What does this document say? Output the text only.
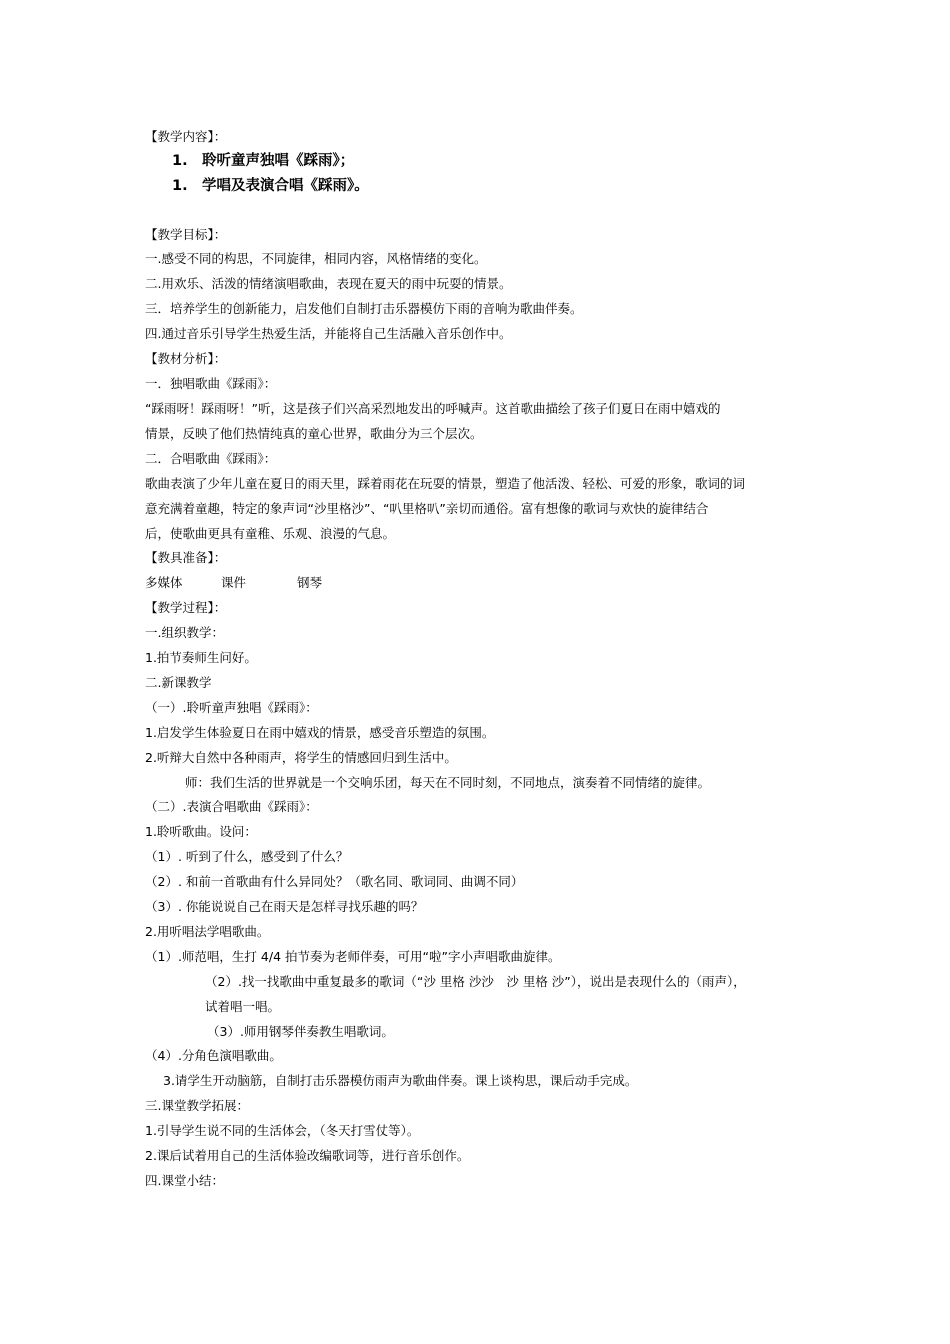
【教学内容】：
1. 聆听童声独唱《踩雨》；
1. 学唱及表演合唱《踩雨》。
【教学目标】：
一.感受不同的构思，不同旋律，相同内容，风格情绪的变化。
二.用欢乐、活泼的情绪演唱歌曲，表现在夏天的雨中玩耍的情景。
三．培养学生的创新能力，启发他们自制打击乐器模仿下雨的音响为歌曲伴奏。
四.通过音乐引导学生热爱生活，并能将自己生活融入音乐创作中。
【教材分析】：
一．独唱歌曲《踩雨》：
“踩雨呀！踩雨呀！”听，这是孩子们兴高采烈地发出的呼喊声。这首歌曲描绘了孩子们夏日在雨中嬉戏的
情景，反映了他们热情纯真的童心世界，歌曲分为三个层次。
二．合唱歌曲《踩雨》：
歌曲表演了少年儿童在夏日的雨天里，踩着雨花在玩耍的情景，塑造了他活泼、轻松、可爱的形象，歌词的词
意充满着童趣，特定的象声词“沙里格沙”、“叭里格叭”亲切而通俗。富有想像的歌词与欢快的旋律结合
后，使歌曲更具有童稚、乐观、浪漫的气息。
【教具准备】：
多媒体	课件	钢琴
【教学过程】：
一.组织教学：
1.拍节奏师生问好。
二.新课教学
（一）.聆听童声独唱《踩雨》：
1.启发学生体验夏日在雨中嬉戏的情景，感受音乐塑造的氛围。
2.听辩大自然中各种雨声，将学生的情感回归到生活中。
师：我们生活的世界就是一个交响乐团，每天在不同时刻，不同地点，演奏着不同情绪的旋律。
（二）.表演合唱歌曲《踩雨》：
1.聆听歌曲。设问：
（1）. 听到了什么，感受到了什么？
（2）. 和前一首歌曲有什么异同处？（歌名同、歌词同、曲调不同）
（3）. 你能说说自己在雨天是怎样寻找乐趣的吗？
2.用听唱法学唱歌曲。
（1）.师范唱，生打 4/4 拍节奏为老师伴奏，可用“啦”字小声唱歌曲旋律。
（2）.找一找歌曲中重复最多的歌词（“沙 里格 沙沙　沙 里格 沙”），说出是表现什么的（雨声），
试着唱一唱。
（3）.师用钢琴伴奏教生唱歌词。
（4）.分角色演唱歌曲。
3.请学生开动脑筋，自制打击乐器模仿雨声为歌曲伴奏。课上谈构思，课后动手完成。
三.课堂教学拓展：
1.引导学生说不同的生活体会，（冬天打雪仗等）。
2.课后试着用自己的生活体验改编歌词等，进行音乐创作。
四.课堂小结：
